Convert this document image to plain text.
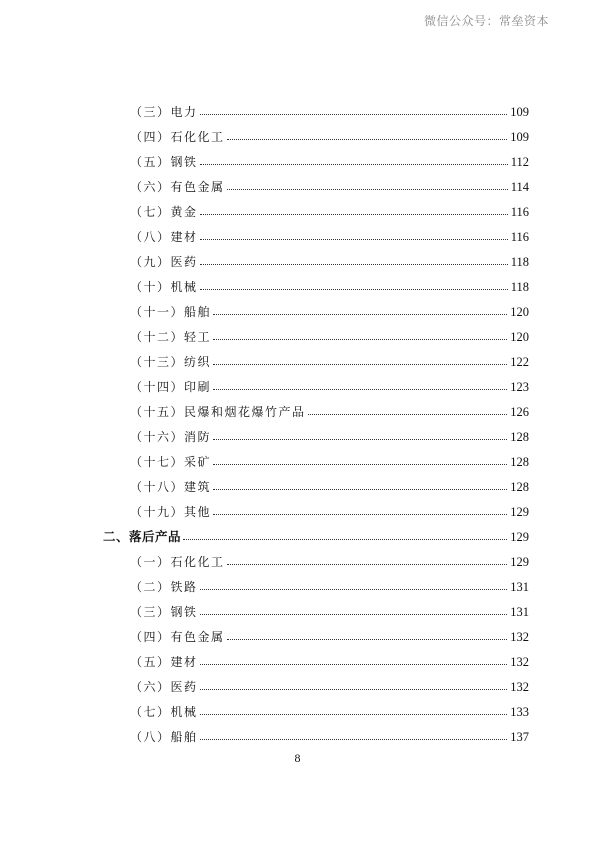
微信公众号：常垒资本
（三）电力	109
（四）石化化工	109
（五）钢铁	112
（六）有色金属	114
（七）黄金	116
（八）建材	116
（九）医药	118
（十）机械	118
（十一）船舶	120
（十二）轻工	120
（十三）纺织	122
（十四）印刷	123
（十五）民爆和烟花爆竹产品	126
（十六）消防	128
（十七）采矿	128
（十八）建筑	128
（十九）其他	129
二、落后产品	129
（一）石化化工	129
（二）铁路	131
（三）钢铁	131
（四）有色金属	132
（五）建材	132
（六）医药	132
（七）机械	133
（八）船舶	137
8
